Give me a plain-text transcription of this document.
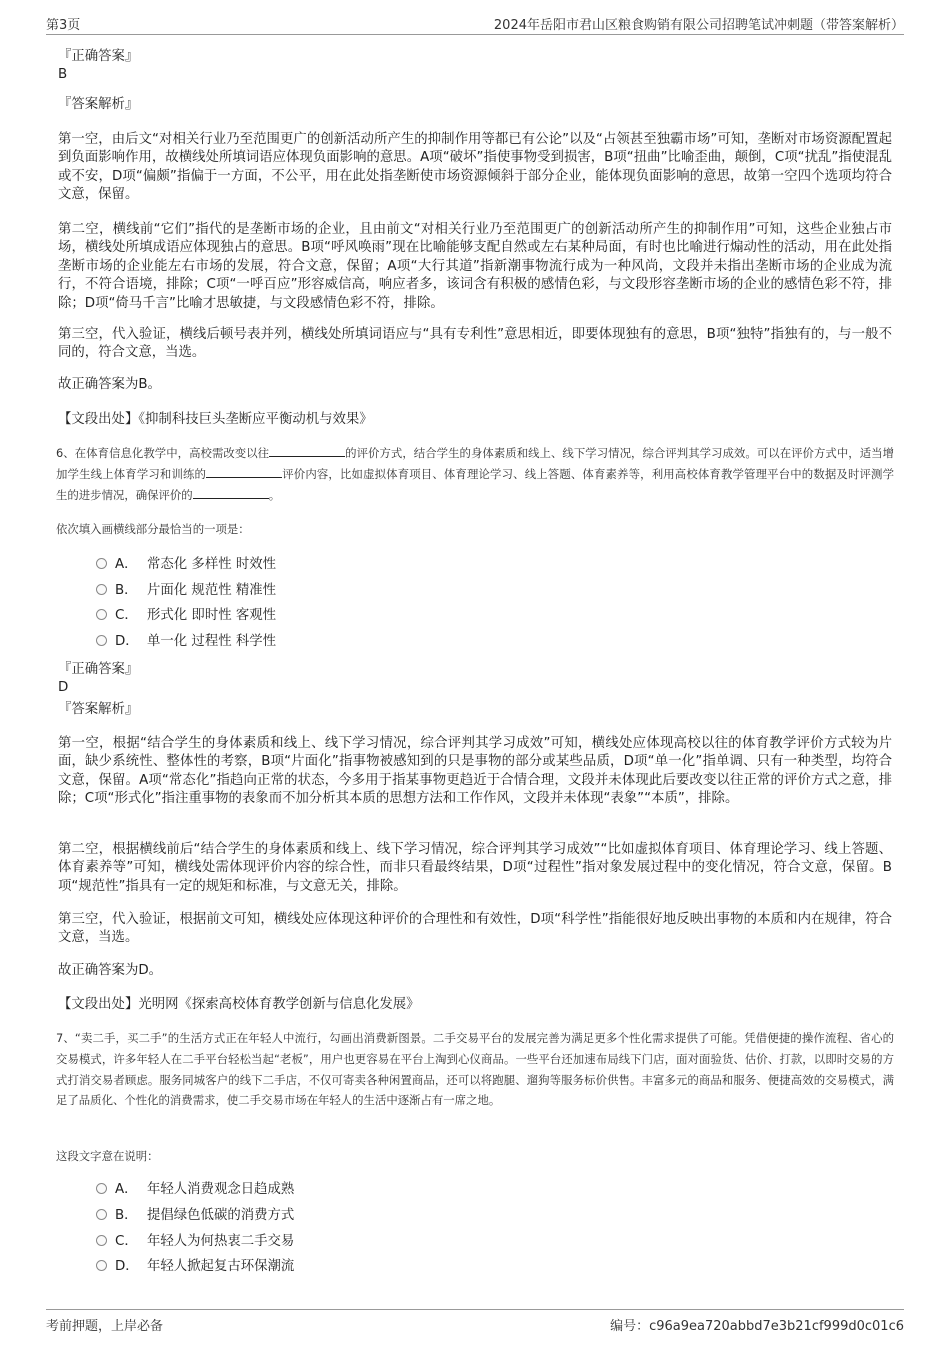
第3页	2024年岳阳市君山区粮食购销有限公司招聘笔试冲刺题（带答案解析）
『正确答案』
B
『答案解析』
第一空，由后文“对相关行业乃至范围更广的创新活动所产生的抑制作用等都已有公论”以及“占领甚至独霸市场”可知，垄断对市场资源配置起到负面影响作用，故横线处所填词语应体现负面影响的意思。A项“破坏”指使事物受到损害，B项“扭曲”比喻歪曲，颠倒，C项“扰乱”指使混乱或不安，D项“偏颇”指偏于一方面，不公平，用在此处指垄断使市场资源倾斜于部分企业，能体现负面影响的意思，故第一空四个选项均符合文意，保留。
第二空，横线前“它们”指代的是垄断市场的企业，且由前文“对相关行业乃至范围更广的创新活动所产生的抑制作用”可知，这些企业独占市场，横线处所填成语应体现独占的意思。B项“呼风唤雨”现在比喻能够支配自然或左右某种局面，有时也比喻进行煽动性的活动，用在此处指垄断市场的企业能左右市场的发展，符合文意，保留；A项“大行其道”指新潮事物流行成为一种风尚，文段并未指出垄断市场的企业成为流行，不符合语境，排除；C项“一呼百应”形容威信高，响应者多，该词含有积极的感情色彩，与文段形容垄断市场的企业的感情色彩不符，排除；D项“倚马千言”比喻才思敏捷，与文段感情色彩不符，排除。
第三空，代入验证，横线后顿号表并列，横线处所填词语应与“具有专利性”意思相近，即要体现独有的意思，B项“独特”指独有的，与一般不同的，符合文意，当选。
故正确答案为B。
【文段出处】《抑制科技巨头垄断应平衡动机与效果》
6、在体育信息化教学中，高校需改变以往	的评价方式，结合学生的身体素质和线上、线下学习情况，综合评判其学习成效。可以在评价方式中，适当增加学生线上体育学习和训练的	评价内容，比如虚拟体育项目、体育理论学习、线上答题、体育素养等，利用高校体育教学管理平台中的数据及时评测学生的进步情况，确保评价的	。
依次填入画横线部分最恰当的一项是：
A． 常态化 多样性 时效性
B． 片面化 规范性 精准性
C． 形式化 即时性 客观性
D． 单一化 过程性 科学性
『正确答案』
D
『答案解析』
第一空，根据“结合学生的身体素质和线上、线下学习情况，综合评判其学习成效”可知，横线处应体现高校以往的体育教学评价方式较为片面，缺少系统性、整体性的考察，B项“片面化”指事物被感知到的只是事物的部分或某些品质，D项“单一化”指单调、只有一种类型，均符合文意，保留。A项“常态化”指趋向正常的状态，今多用于指某事物更趋近于合情合理，文段并未体现此后要改变以往正常的评价方式之意，排除；C项“形式化”指注重事物的表象而不加分析其本质的思想方法和工作作风，文段并未体现“表象”“本质”，排除。
第二空，根据横线前后“结合学生的身体素质和线上、线下学习情况，综合评判其学习成效”“比如虚拟体育项目、体育理论学习、线上答题、体育素养等”可知，横线处需体现评价内容的综合性，而非只看最终结果，D项“过程性”指对象发展过程中的变化情况，符合文意，保留。B项“规范性”指具有一定的规矩和标准，与文意无关，排除。
第三空，代入验证，根据前文可知，横线处应体现这种评价的合理性和有效性，D项“科学性”指能很好地反映出事物的本质和内在规律，符合文意，当选。
故正确答案为D。
【文段出处】光明网《探索高校体育教学创新与信息化发展》
7、“卖二手，买二手”的生活方式正在年轻人中流行，勾画出消费新图景。二手交易平台的发展完善为满足更多个性化需求提供了可能。凭借便捷的操作流程、省心的交易模式，许多年轻人在二手平台轻松当起“老板”，用户也更容易在平台上淘到心仪商品。一些平台还加速布局线下门店，面对面验货、估价、打款，以即时交易的方式打消交易者顾虑。服务同城客户的线下二手店，不仅可寄卖各种闲置商品，还可以将跑腿、遛狗等服务标价供售。丰富多元的商品和服务、便捷高效的交易模式，满足了品质化、个性化的消费需求，使二手交易市场在年轻人的生活中逐渐占有一席之地。
这段文字意在说明：
A． 年轻人消费观念日趋成熟
B． 提倡绿色低碳的消费方式
C． 年轻人为何热衷二手交易
D． 年轻人掀起复古环保潮流
考前押题，上岸必备	编号：c96a9ea720abbd7e3b21cf999d0c01c6
